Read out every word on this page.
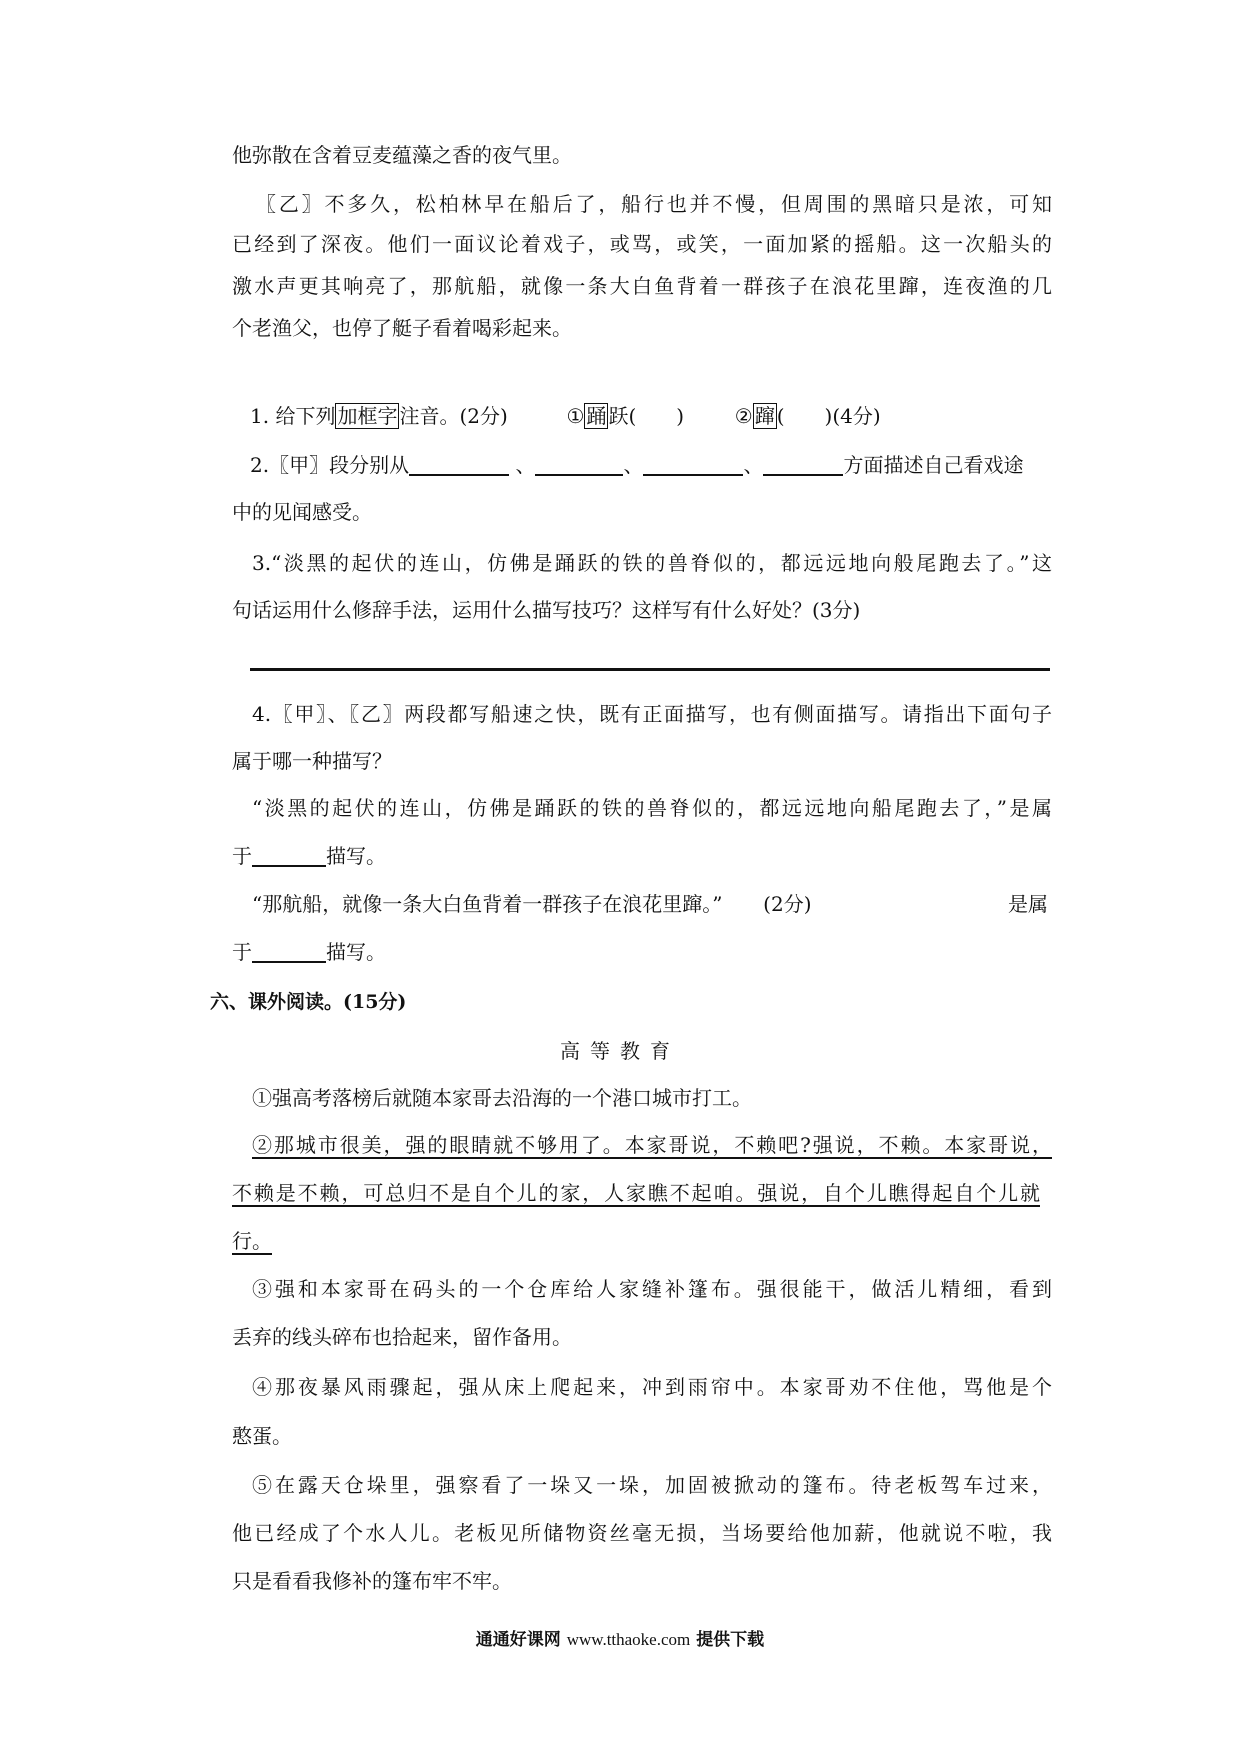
他弥散在含着豆麦蕴藻之香的夜气里。
〖乙〗不多久，松柏林早在船后了，船行也并不慢，但周围的黑暗只是浓，可知
已经到了深夜。他们一面议论着戏子，或骂，或笑，一面加紧的摇船。这一次船头的
激水声更其响亮了，那航船，就像一条大白鱼背着一群孩子在浪花里蹿，连夜渔的几
个老渔父，也停了艇子看着喝彩起来。
1. 给下列 加框字 注音。(2分)	① 踊 跃(　　)	② 蹿 (　　)(4分)
2.〖甲〗段分别从	、	、	、	方面描述自己看戏途
中的见闻感受。
3.“淡黑的起伏的连山，仿佛是踊跃的铁的兽脊似的，都远远地向般尾跑去了。”这
句话运用什么修辞手法，运用什么描写技巧？这样写有什么好处？(3分)
4.〖甲〗、〖乙〗两段都写船速之快，既有正面描写，也有侧面描写。请指出下面句子
属于哪一种描写？
“淡黑的起伏的连山，仿佛是踊跃的铁的兽脊似的，都远远地向船尾跑去了，”是属
于	描写。
“那航船，就像一条大白鱼背着一群孩子在浪花里蹿。” (2分)	是属
于	描写。
六、课外阅读。(15分)
高等教育
①强高考落榜后就随本家哥去沿海的一个港口城市打工。
②那城市很美，强的眼睛就不够用了。本家哥说，不赖吧?强说，不赖。本家哥说，
不赖是不赖，可总归不是自个儿的家，人家瞧不起咱。强说，自个儿瞧得起自个儿就
行。
③强和本家哥在码头的一个仓库给人家缝补篷布。强很能干，做活儿精细，看到
丢弃的线头碎布也拾起来，留作备用。
④那夜暴风雨骤起，强从床上爬起来，冲到雨帘中。本家哥劝不住他，骂他是个
憨蛋。
⑤在露天仓垛里，强察看了一垛又一垛，加固被掀动的篷布。待老板驾车过来，
他已经成了个水人儿。老板见所储物资丝毫无损，当场要给他加薪，他就说不啦，我
只是看看我修补的篷布牢不牢。
通通好课网 www.tthaoke.com 提供下载
